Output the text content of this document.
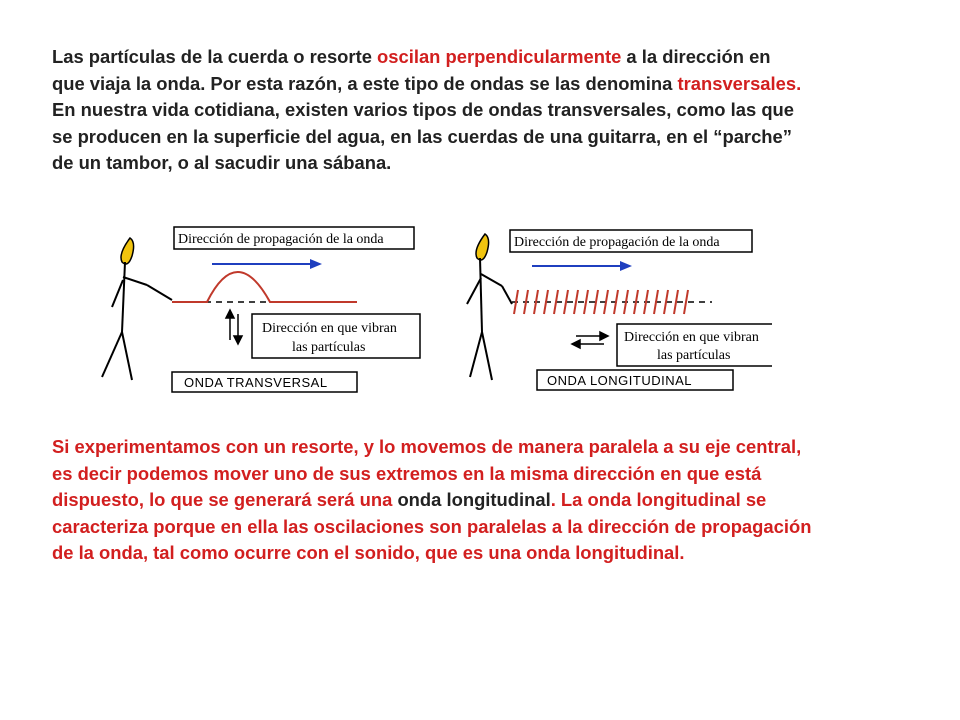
Las partículas de la cuerda o resorte oscilan perpendicularmente a la dirección en
que viaja la onda. Por esta razón, a este tipo de ondas se las denomina transversales.
En nuestra vida cotidiana, existen varios tipos de ondas transversales, como las que
se producen en la superficie del agua, en las cuerdas de una guitarra, en el “parche”
de un tambor, o al sacudir una sábana.

Dirección de propagación de la onda
Dirección en que vibran
las partículas
ONDA TRANSVERSAL
Dirección de propagación de la onda
Dirección en que vibran
las partículas
ONDA LONGITUDINAL

Si experimentamos con un resorte, y lo movemos de manera paralela a su eje central,
es decir podemos mover uno de sus extremos en la misma dirección en que está
dispuesto, lo que se generará será una onda longitudinal. La onda longitudinal se
caracteriza porque en ella las oscilaciones son paralelas a la dirección de propagación
de la onda, tal como ocurre con el sonido, que es una onda longitudinal.
